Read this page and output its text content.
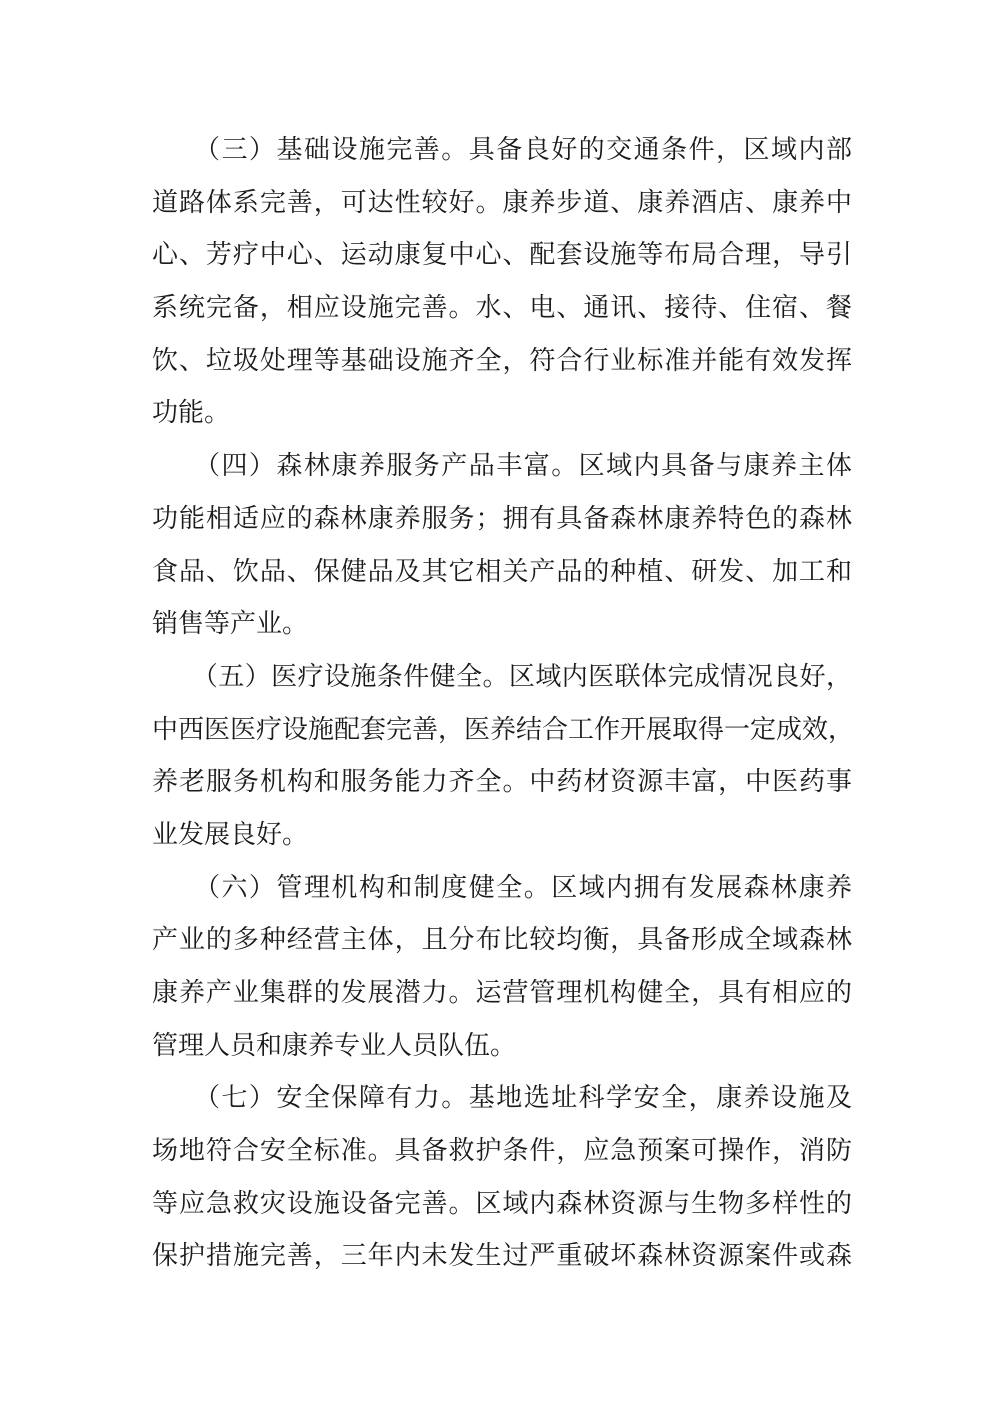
　　（三）基础设施完善。具备良好的交通条件，区域内部
道路体系完善，可达性较好。康养步道、康养酒店、康养中
心、芳疗中心、运动康复中心、配套设施等布局合理，导引
系统完备，相应设施完善。水、电、通讯、接待、住宿、餐
饮、垃圾处理等基础设施齐全，符合行业标准并能有效发挥
功能。
　　（四）森林康养服务产品丰富。区域内具备与康养主体
功能相适应的森林康养服务；拥有具备森林康养特色的森林
食品、饮品、保健品及其它相关产品的种植、研发、加工和
销售等产业。
　　（五）医疗设施条件健全。区域内医联体完成情况良好，
中西医医疗设施配套完善，医养结合工作开展取得一定成效，
养老服务机构和服务能力齐全。中药材资源丰富，中医药事
业发展良好。
　　（六）管理机构和制度健全。区域内拥有发展森林康养
产业的多种经营主体，且分布比较均衡，具备形成全域森林
康养产业集群的发展潜力。运营管理机构健全，具有相应的
管理人员和康养专业人员队伍。
　　（七）安全保障有力。基地选址科学安全，康养设施及
场地符合安全标准。具备救护条件，应急预案可操作，消防
等应急救灾设施设备完善。区域内森林资源与生物多样性的
保护措施完善，三年内未发生过严重破坏森林资源案件或森
